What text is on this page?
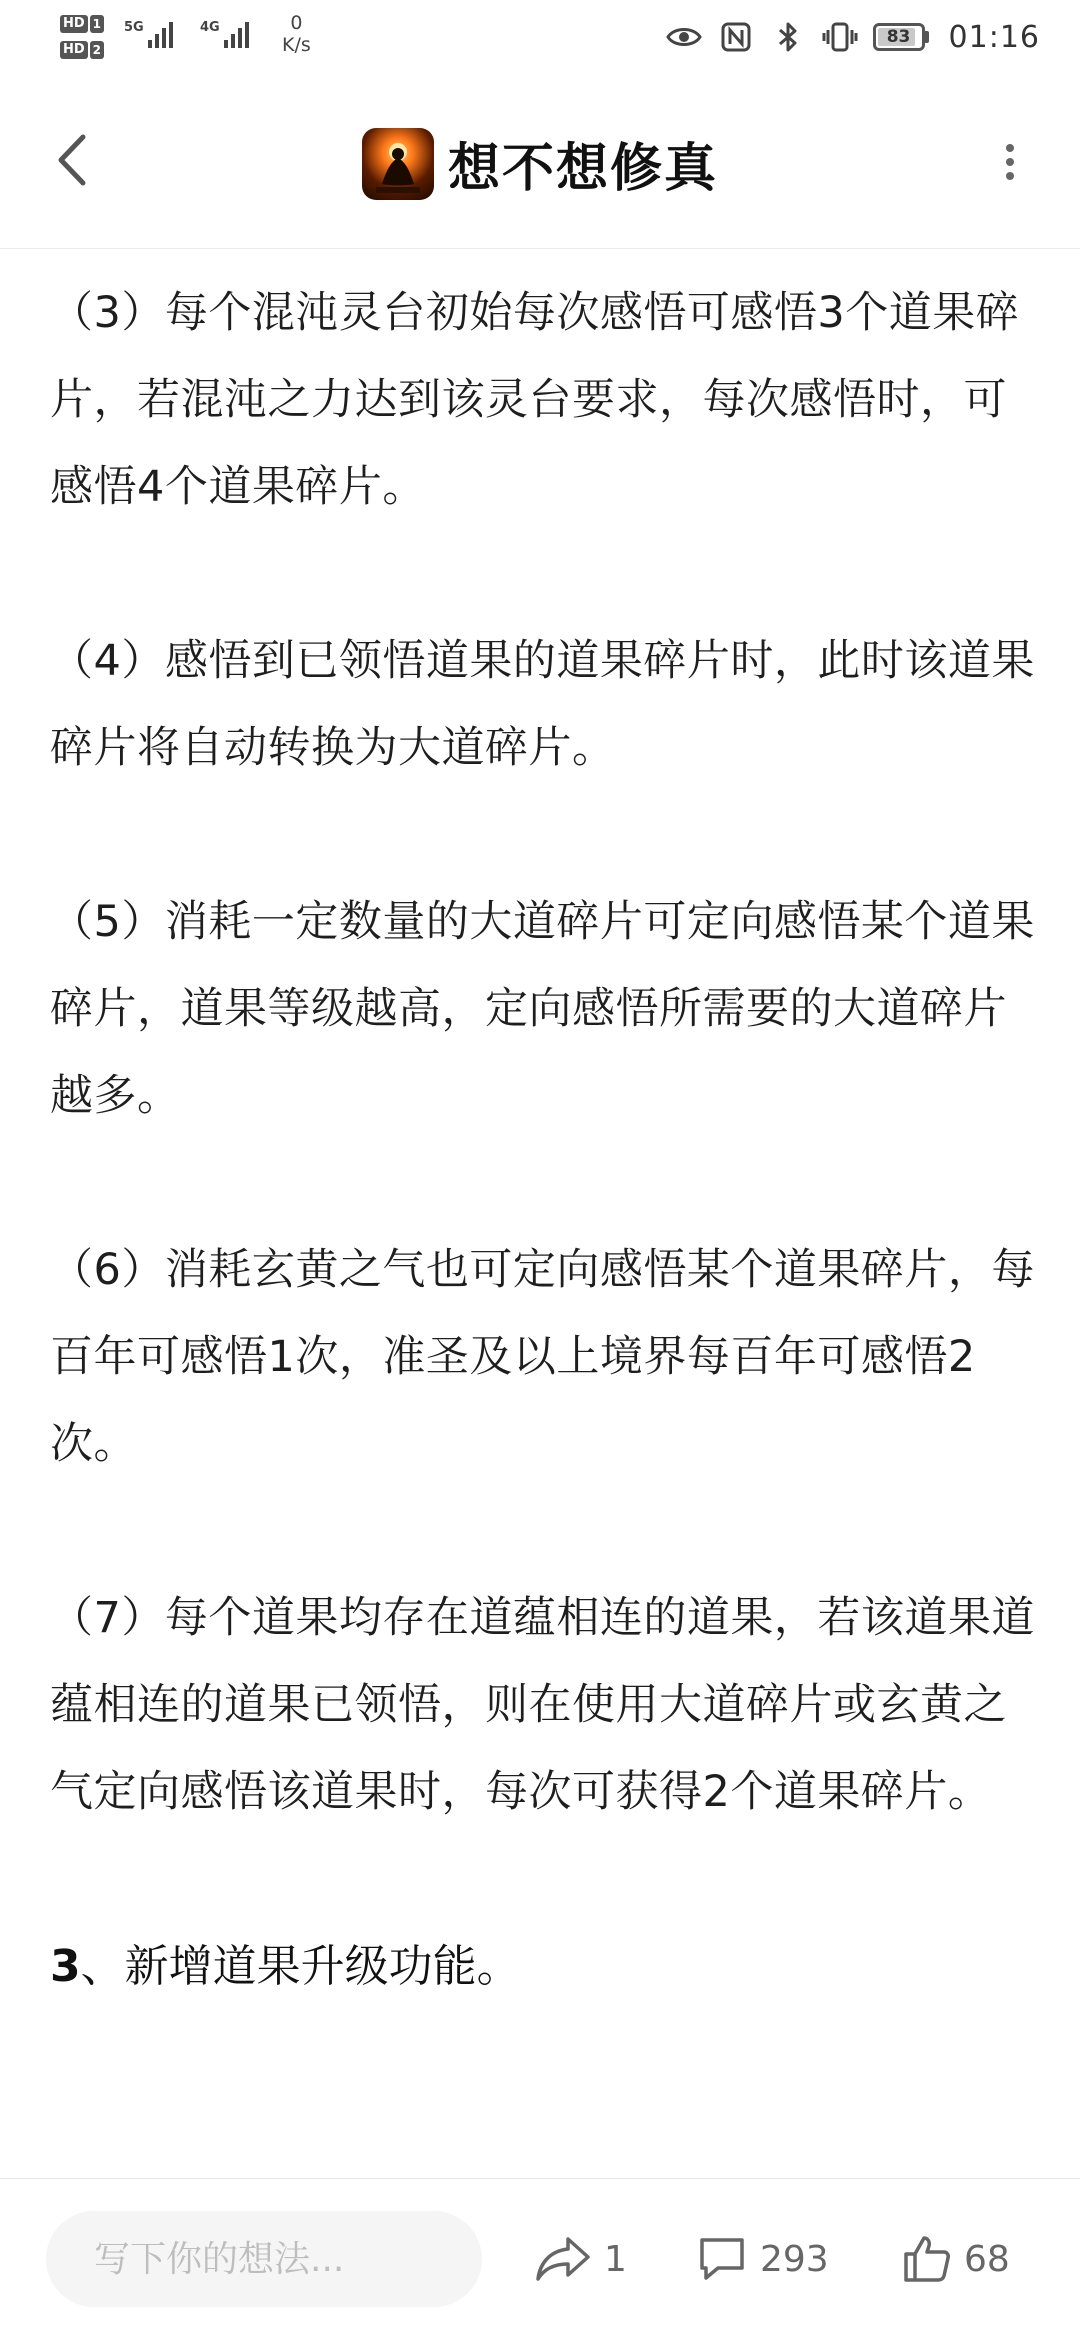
HD 1
HD 2
5G	4G	0
K/s	83 01:16
想不想修真

（3）每个混沌灵台初始每次感悟可感悟3个道果碎片，若混沌之力达到该灵台要求，每次感悟时，可感悟4个道果碎片。

（4）感悟到已领悟道果的道果碎片时，此时该道果碎片将自动转换为大道碎片。

（5）消耗一定数量的大道碎片可定向感悟某个道果碎片，道果等级越高，定向感悟所需要的大道碎片越多。

（6）消耗玄黄之气也可定向感悟某个道果碎片，每百年可感悟1次，准圣及以上境界每百年可感悟2次。

（7）每个道果均存在道蕴相连的道果，若该道果道蕴相连的道果已领悟，则在使用大道碎片或玄黄之气定向感悟该道果时，每次可获得2个道果碎片。

3、新增道果升级功能。

写下你的想法...
1	293	68
